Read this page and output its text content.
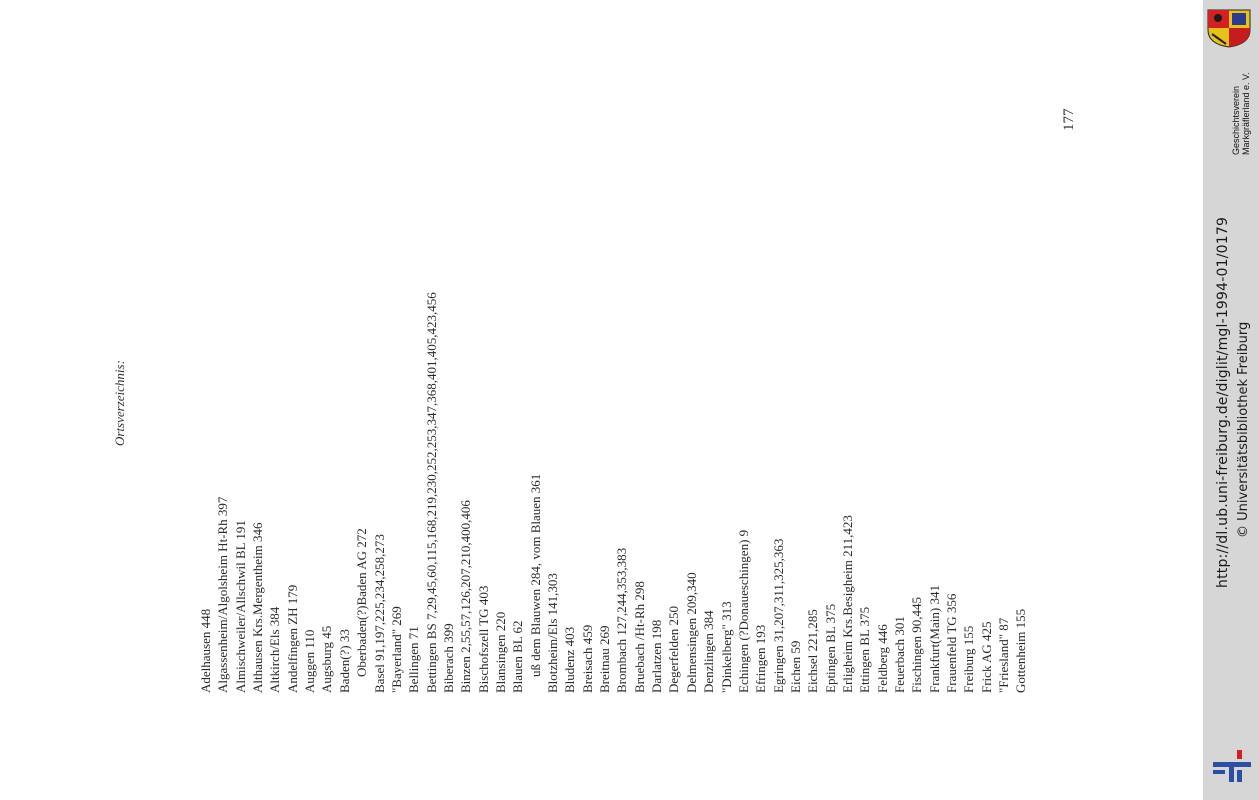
Ortsverzeichnis:
177
Adelhausen 448 Algassenheim/Algolsheim Ht-Rh 397 Almischweiler/Allschwil BL 191 Althausen Krs.Mergentheim 346 Altkirch/Els 384 Andelfingen ZH 179 Auggen 110 Augsburg 45 Baden(?) 33 Oberbaden(?)Baden AG 272 Basel 91,197,225,234,258,273 "Bayerland" 269 Bellingen 71 Bettingen BS 7,29,45,60,115,168,219,230,252,253,347,368,401,405,423,456 Biberach 399 Binzen 2,55,57,126,207,210,400,406 Bischofszell TG 403 Blansingen 220 Blauen BL 62 uß dem Blauwen 284, vom Blauen 361 Blotzheim/Els 141,303 Bludenz 403 Breisach 459 Breitnau 269 Brombach 127,244,353,383 Bruebach /Ht-Rh 298 Darlatzen 198 Degerfelden 250 Delmensingen 209,340 Denzlingen 384 "Dinkelberg" 313 Echingen (?Donaueschingen) 9 Efringen 193 Egringen 31,207,311,325,363 Eichen 59 Eichsel 221,285 Eptingen BL 375 Erligheim Krs.Besigheim 211,423 Ettingen BL 375 Feldberg 446 Feuerbach 301 Fischingen 90,445 Frankfurt(Main) 341 Frauenfeld TG 356 Freiburg 155 Frick AG 425 "Friesland" 87 Gottenheim 155
Geschichtsverein Markgräflerland e. V.
http://dl.ub.uni-freiburg.de/diglit/mgl-1994-01/0179 © Universitätsbibliothek Freiburg
